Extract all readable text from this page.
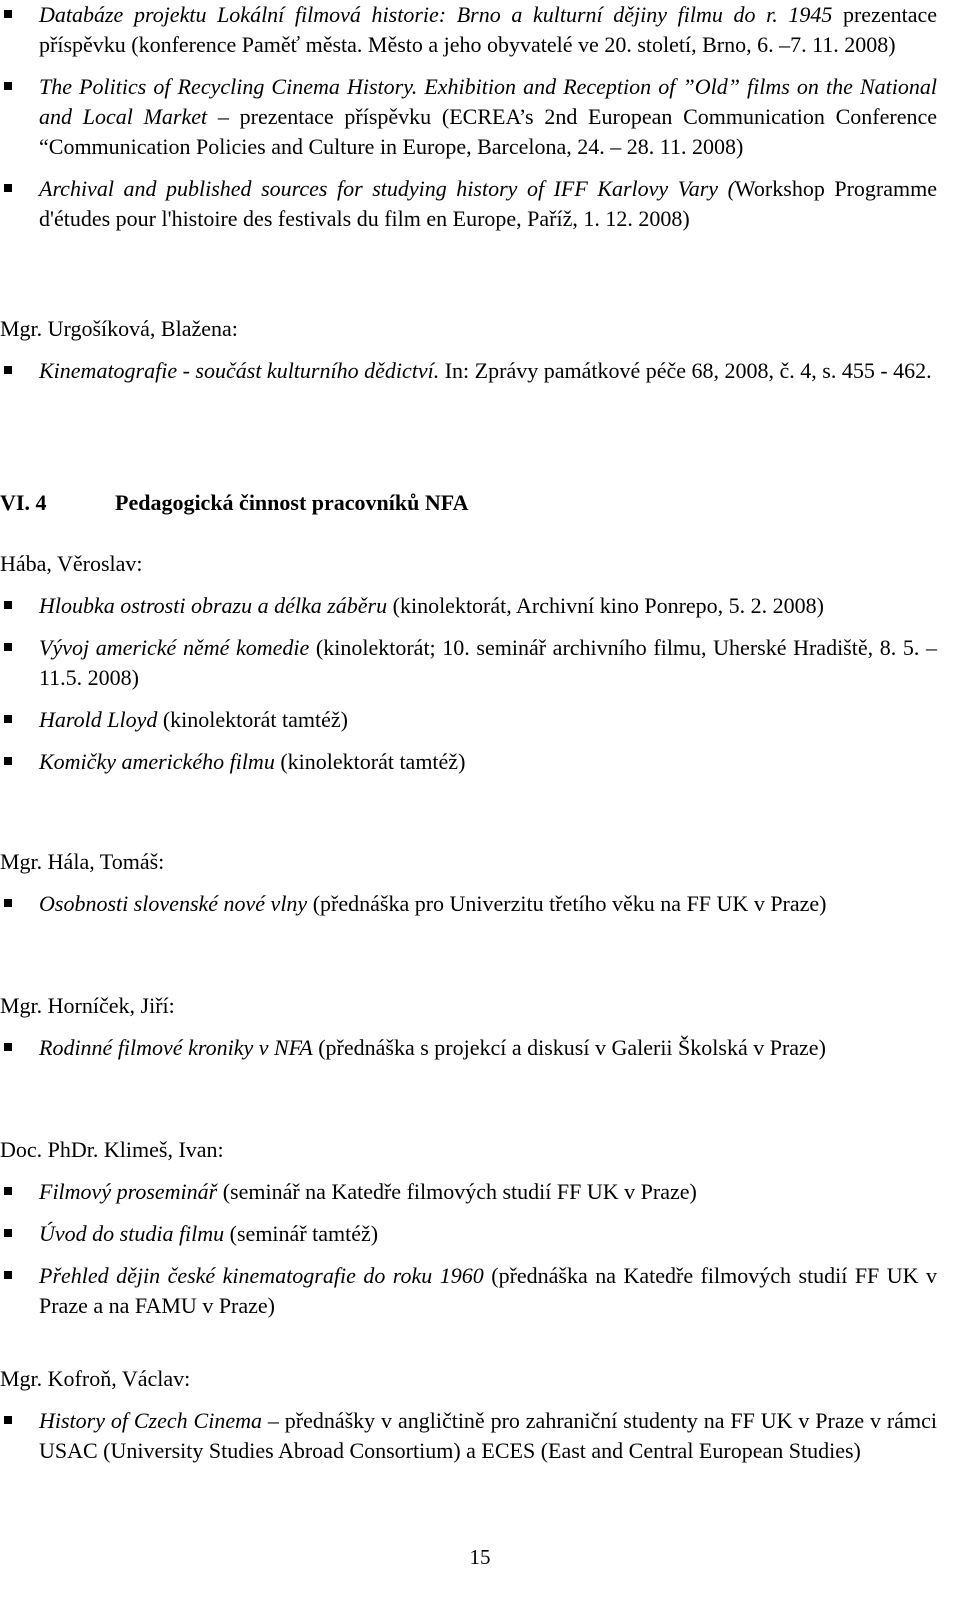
Databáze projektu Lokální filmová historie: Brno a kulturní dějiny filmu do r. 1945 prezentace příspěvku (konference Paměť města. Město a jeho obyvatelé ve 20. století, Brno, 6. –7. 11. 2008)
The Politics of Recycling Cinema History. Exhibition and Reception of ”Old” films on the National and Local Market – prezentace příspěvku (ECREA’s 2nd European Communication Conference “Communication Policies and Culture in Europe, Barcelona, 24. – 28. 11. 2008)
Archival and published sources for studying history of IFF Karlovy Vary (Workshop Programme d'études pour l'histoire des festivals du film en Europe, Paříž, 1. 12. 2008)
Mgr. Urgošíková, Blažena:
Kinematografie - součást kulturního dědictví. In: Zprávy památkové péče 68, 2008, č. 4, s. 455 - 462.
VI. 4	Pedagogická činnost pracovníků NFA
Hába, Věroslav:
Hloubka ostrosti obrazu a délka záběru (kinolektorát, Archivní kino Ponrepo, 5. 2. 2008)
Vývoj americké němé komedie (kinolektorát; 10. seminář archivního filmu, Uherské Hradiště, 8. 5. – 11.5. 2008)
Harold Lloyd (kinolektorát tamtéž)
Komičky amerického filmu (kinolektorát tamtéž)
Mgr. Hála, Tomáš:
Osobnosti slovenské nové vlny (přednáška pro Univerzitu třetího věku na FF UK v Praze)
Mgr. Horníček, Jiří:
Rodinné filmové kroniky v NFA (přednáška s projekcí a diskusí v Galerii Školská v Praze)
Doc. PhDr. Klimeš, Ivan:
Filmový proseminář (seminář na Katedře filmových studií FF UK v Praze)
Úvod do studia filmu (seminář tamtéž)
Přehled dějin české kinematografie do roku 1960 (přednáška na Katedře filmových studií FF UK v Praze a na FAMU v Praze)
Mgr. Kofroň, Václav:
History of Czech Cinema – přednášky v angličtině pro zahraniční studenty na FF UK v Praze v rámci USAC (University Studies Abroad Consortium) a ECES (East and Central European Studies)
15
